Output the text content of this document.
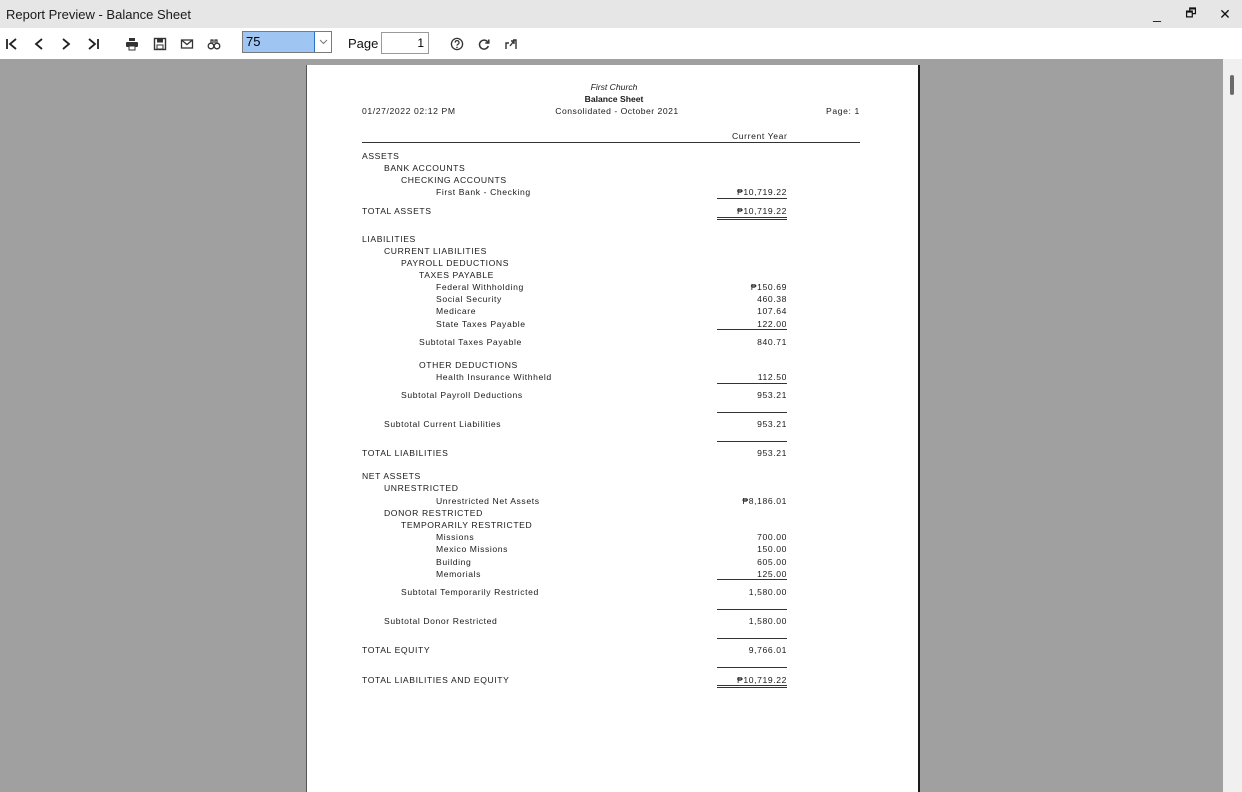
Report Preview - Balance Sheet	_ 🗗 ✕
75	Page	1
First Church
Balance Sheet
Consolidated - October 2021
01/27/2022 02:12 PM	Page: 1
Current Year
ASSETS
BANK ACCOUNTS
CHECKING ACCOUNTS
First Bank - Checking	₱10,719.22
TOTAL ASSETS	₱10,719.22
LIABILITIES
CURRENT LIABILITIES
PAYROLL DEDUCTIONS
TAXES PAYABLE
Federal Withholding	₱150.69
Social Security	460.38
Medicare	107.64
State Taxes Payable	122.00
Subtotal Taxes Payable	840.71
OTHER DEDUCTIONS
Health Insurance Withheld	112.50
Subtotal Payroll Deductions	953.21
Subtotal Current Liabilities	953.21
TOTAL LIABILITIES	953.21
NET ASSETS
UNRESTRICTED
Unrestricted Net Assets	₱8,186.01
DONOR RESTRICTED
TEMPORARILY RESTRICTED
Missions	700.00
Mexico Missions	150.00
Building	605.00
Memorials	125.00
Subtotal Temporarily Restricted	1,580.00
Subtotal Donor Restricted	1,580.00
TOTAL EQUITY	9,766.01
TOTAL LIABILITIES AND EQUITY	₱10,719.22
